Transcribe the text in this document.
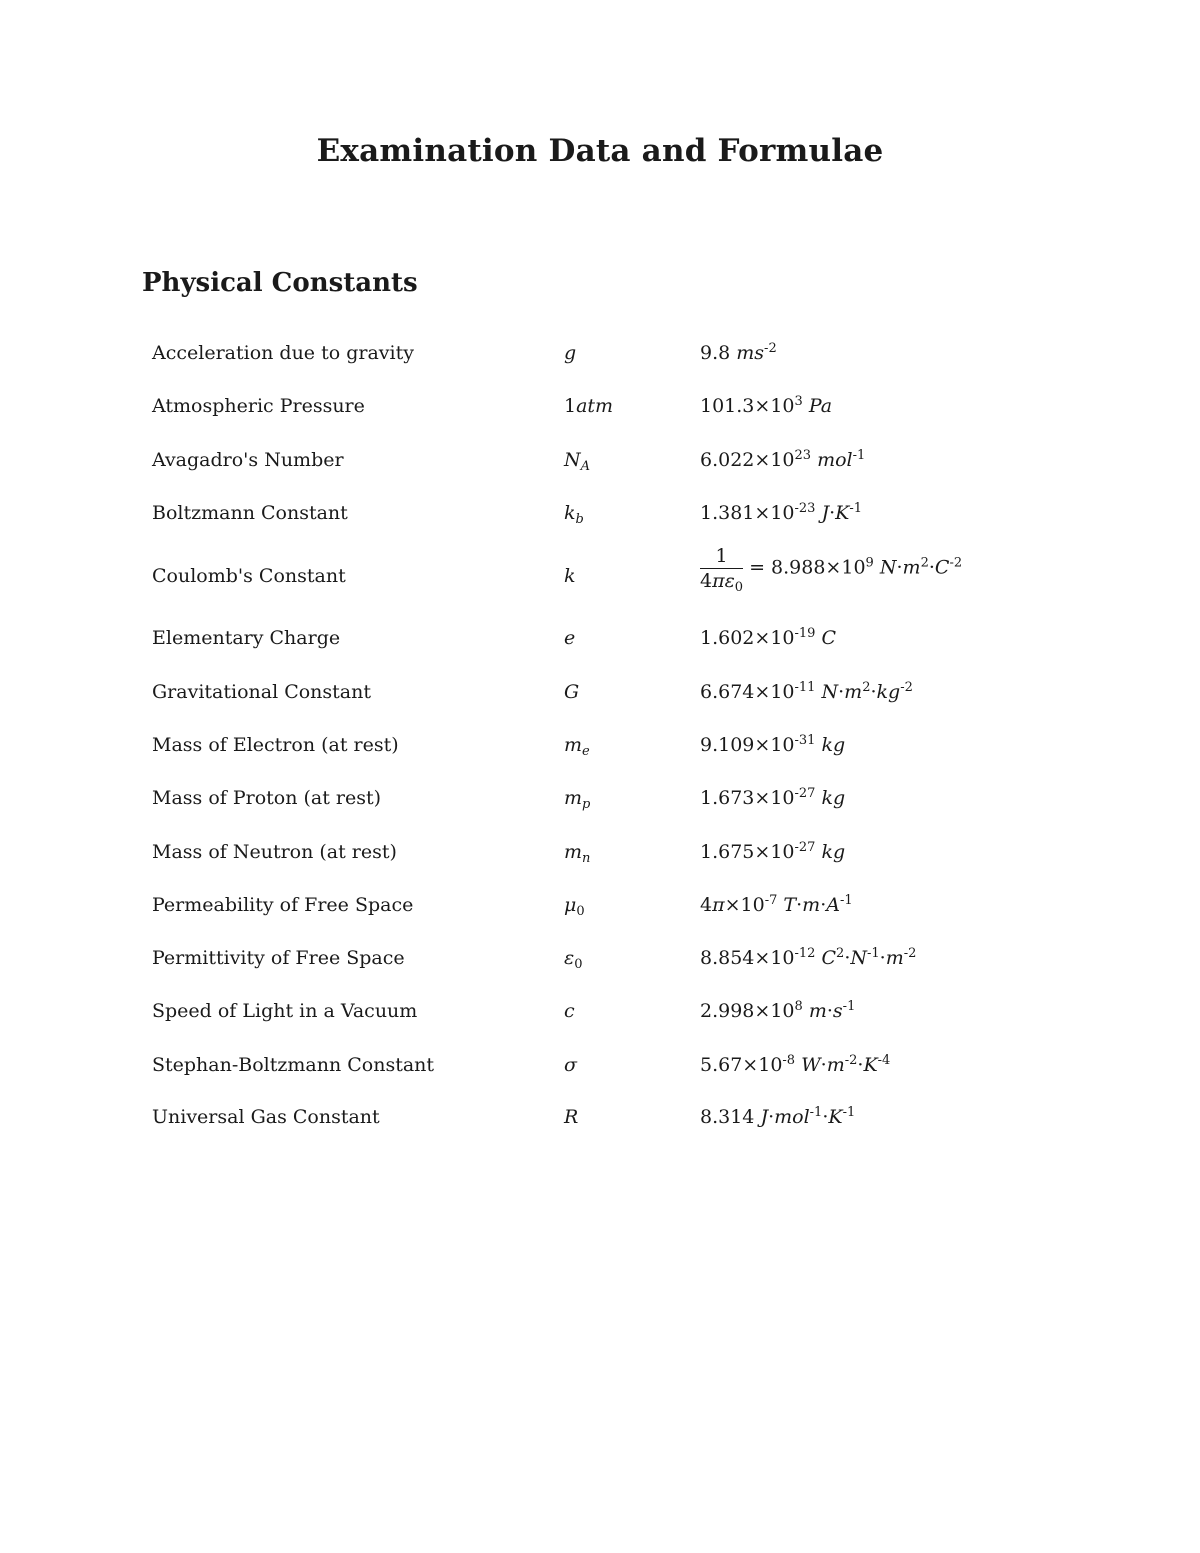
Examination Data and Formulae
Physical Constants
Acceleration due to gravity	g	9.8 $ms^{-2}$
Atmospheric Pressure	1atm	$101.3\times 10^3$ Pa
Avagadro's Number	$N_A$	$6.022\times 10^{23}$ mol$^{-1}$
Boltzmann Constant	$k_b$	$1.381\times 10^{-23}$ $J\cdot K^{-1}$
Coulomb's Constant	k	$\frac{1}{4\pi\varepsilon_0} = 8.988\times 10^9$ $N\cdot m^2\cdot C^{-2}$
Elementary Charge	e	$1.602\times 10^{-19}$ C
Gravitational Constant	G	$6.674\times 10^{-11}$ $N\cdot m^2\cdot kg^{-2}$
Mass of Electron (at rest)	$m_e$	$9.109\times 10^{-31}$ kg
Mass of Proton (at rest)	$m_p$	$1.673\times 10^{-27}$ kg
Mass of Neutron (at rest)	$m_n$	$1.675\times 10^{-27}$ kg
Permeability of Free Space	$\mu_0$	$4\pi\times 10^{-7}$ $T\cdot m\cdot A^{-1}$
Permittivity of Free Space	$\varepsilon_0$	$8.854\times 10^{-12}$ $C^2\cdot N^{-1}\cdot m^{-2}$
Speed of Light in a Vacuum	c	$2.998\times 10^8$ $m\cdot s^{-1}$
Stephan-Boltzmann Constant	σ	$5.67\times 10^{-8}$ $W\cdot m^{-2}\cdot K^{-4}$
Universal Gas Constant	R	8.314 $J\cdot mol^{-1}\cdot K^{-1}$
